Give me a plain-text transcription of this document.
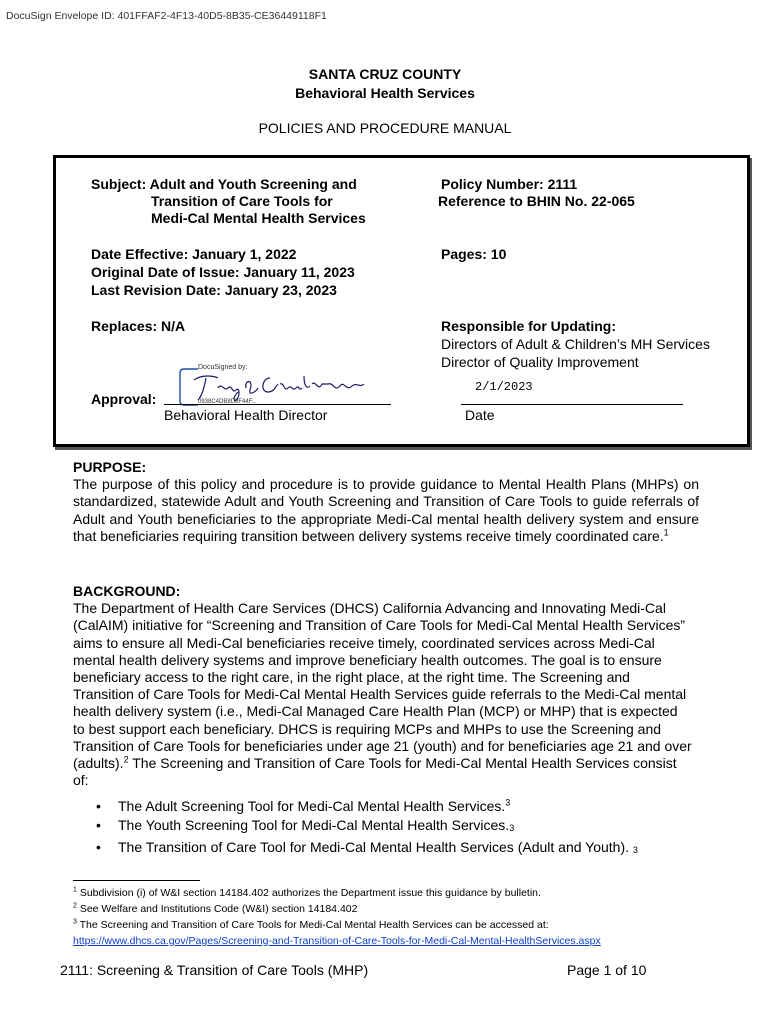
DocuSign Envelope ID: 401FFAF2-4F13-40D5-8B35-CE36449118F1
SANTA CRUZ COUNTY
Behavioral Health Services
POLICIES AND PROCEDURE MANUAL
Subject: Adult and Youth Screening and
Transition of Care Tools for
Medi-Cal Mental Health Services
Policy Number: 2111
Reference to BHIN No. 22-065
Date Effective: January 1, 2022
Original Date of Issue: January 11, 2023
Last Revision Date: January 23, 2023
Pages: 10
Replaces: N/A	Responsible for Updating:
Directors of Adult & Children’s MH Services
Director of Quality Improvement
DocuSigned by:
0938C4DB8D8F44F...
Approval:
Behavioral Health Director
2/1/2023
Date
PURPOSE:
The purpose of this policy and procedure is to provide guidance to Mental Health Plans (MHPs) on standardized, statewide Adult and Youth Screening and Transition of Care Tools to guide referrals of Adult and Youth beneficiaries to the appropriate Medi-Cal mental health delivery system and ensure that beneficiaries requiring transition between delivery systems receive timely coordinated care.$^1$
BACKGROUND:
The Department of Health Care Services (DHCS) California Advancing and Innovating Medi-Cal (CalAIM) initiative for “Screening and Transition of Care Tools for Medi-Cal Mental Health Services” aims to ensure all Medi-Cal beneficiaries receive timely, coordinated services across Medi-Cal mental health delivery systems and improve beneficiary health outcomes. The goal is to ensure beneficiary access to the right care, in the right place, at the right time. The Screening and Transition of Care Tools for Medi-Cal Mental Health Services guide referrals to the Medi-Cal mental health delivery system (i.e., Medi-Cal Managed Care Health Plan (MCP) or MHP) that is expected to best support each beneficiary. DHCS is requiring MCPs and MHPs to use the Screening and Transition of Care Tools for beneficiaries under age 21 (youth) and for beneficiaries age 21 and over (adults).$^2$ The Screening and Transition of Care Tools for Medi-Cal Mental Health Services consist of:
• The Adult Screening Tool for Medi-Cal Mental Health Services.$^3$
• The Youth Screening Tool for Medi-Cal Mental Health Services.3
• The Transition of Care Tool for Medi-Cal Mental Health Services (Adult and Youth). 3
$^1$ Subdivision (i) of W&I section 14184.402 authorizes the Department issue this guidance by bulletin.
$^2$ See Welfare and Institutions Code (W&I) section 14184.402
$^3$ The Screening and Transition of Care Tools for Medi-Cal Mental Health Services can be accessed at:
https://www.dhcs.ca.gov/Pages/Screening-and-Transition-of-Care-Tools-for-Medi-Cal-Mental-HealthServices.aspx
2111: Screening & Transition of Care Tools (MHP)	Page 1 of 10
